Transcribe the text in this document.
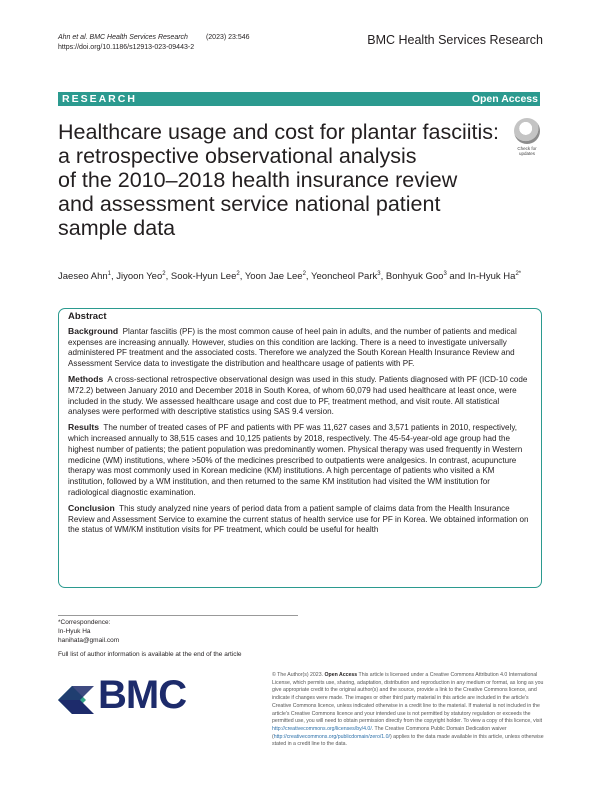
Ahn et al. BMC Health Services Research	(2023) 23:546
https://doi.org/10.1186/s12913-023-09443-2
BMC Health Services Research
RESEARCH	Open Access
Healthcare usage and cost for plantar fasciitis:
a retrospective observational analysis
of the 2010–2018 health insurance review
and assessment service national patient
sample data
Check for
updates
Jaeseo Ahn$^1$, Jiyoon Yeo$^2$, Sook-Hyun Lee$^2$, Yoon Jae Lee$^2$, Yeoncheol Park$^3$, Bonhyuk Goo$^3$ and In-Hyuk $Ha^{2*}$
Abstract

Background Plantar fasciitis (PF) is the most common cause of heel pain in adults, and the number of patients and medical expenses are increasing annually. However, studies on this condition are lacking. There is a need to investigate universally administered PF treatment and the associated costs. Therefore we analyzed the South Korean Health Insurance Review and Assessment Service data to investigate the distribution and healthcare usage of patients with PF.

Methods A cross-sectional retrospective observational design was used in this study. Patients diagnosed with PF (ICD-10 code M72.2) between January 2010 and December 2018 in South Korea, of whom 60,079 had used healthcare at least once, were included in the study. We assessed healthcare usage and cost due to PF, treatment method, and visit route. All statistical analyses were performed with descriptive statistics using SAS 9.4 version.

Results The number of treated cases of PF and patients with PF was 11,627 cases and 3,571 patients in 2010, respectively, which increased annually to 38,515 cases and 10,125 patients by 2018, respectively. The 45-54-year-old age group had the highest number of patients; the patient population was predominantly women. Physical therapy was used frequently in Western medicine (WM) institutions, where >50% of the medicines prescribed to outpatients were analgesics. In contrast, acupuncture therapy was most commonly used in Korean medicine (KM) institutions. A high percentage of patients who visited a KM institution, followed by a WM institution, and then returned to the same KM institution had visited the WM institution for radiological diagnostic examination.

Conclusion This study analyzed nine years of period data from a patient sample of claims data from the Health Insurance Review and Assessment Service to examine the current status of health service use for PF in Korea. We obtained information on the status of WM/KM institution visits for PF treatment, which could be useful for health

*Correspondence:
In-Hyuk Ha
hanihata@gmail.com
Full list of author information is available at the end of the article
BMC	© The Author(s) 2023. Open Access This article is licensed under a Creative Commons Attribution 4.0 International License, which permits use, sharing, adaptation, distribution and reproduction in any medium or format, as long as you give appropriate credit to the original author(s) and the source, provide a link to the Creative Commons licence, and indicate if changes were made. The images or other third party material in this article are included in the article's Creative Commons licence, unless indicated otherwise in a credit line to the material. If material is not included in the article's Creative Commons licence and your intended use is not permitted by statutory regulation or exceeds the permitted use, you will need to obtain permission directly from the copyright holder. To view a copy of this licence, visit http://creativecommons.org/licenses/by/4.0/. The Creative Commons Public Domain Dedication waiver (http://creativecommons.org/publicdomain/zero/1.0/) applies to the data made available in this article, unless otherwise stated in a credit line to the data.
